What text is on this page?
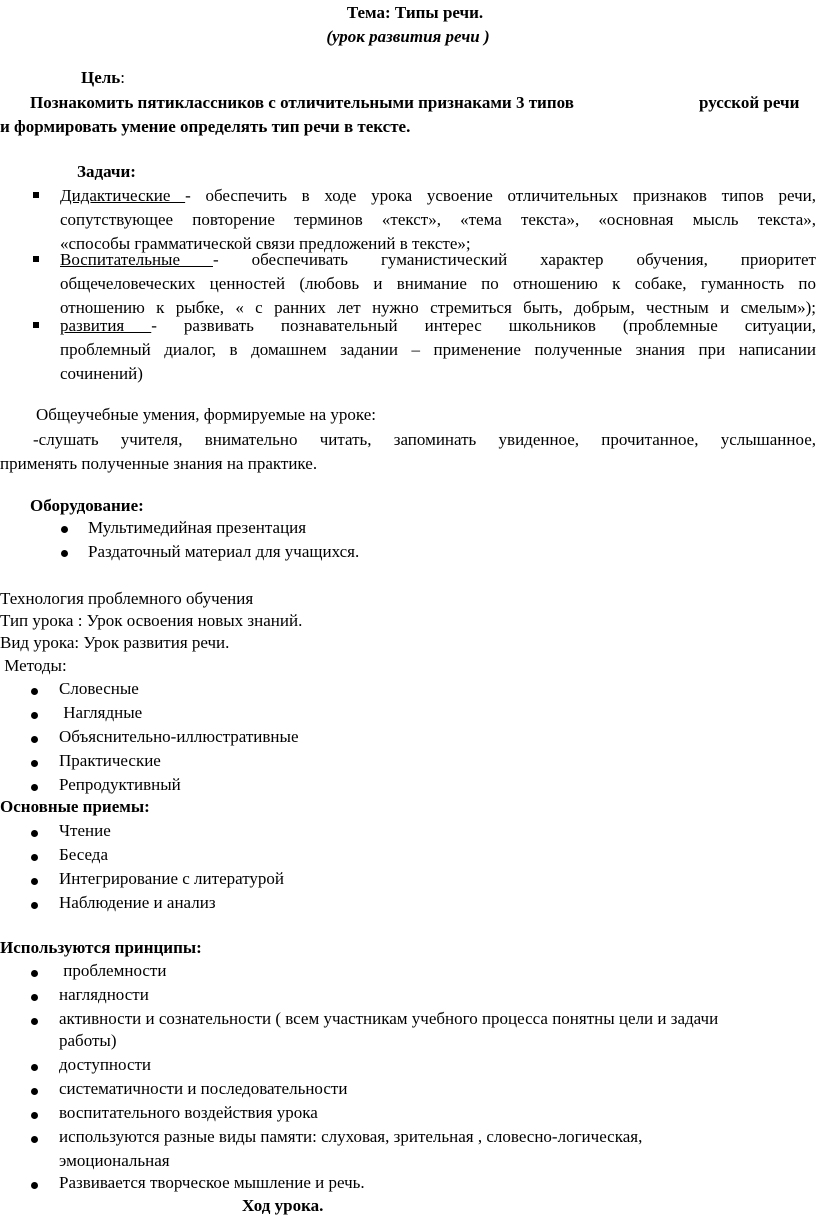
Тема: Типы речи.
(урок развития речи )
Цель:
Познакомить пятиклассников с отличительными признаками 3 типов	русской речи
и формировать умение определять тип речи в тексте.
Задачи:
Дидактические - обеспечить в ходе урока усвоение отличительных признаков типов речи,
сопутствующее повторение терминов «текст», «тема текста», «основная мысль текста»,
«способы грамматической связи предложений в тексте»;
Воспитательные - обеспечивать гуманистический характер обучения, приоритет
общечеловеческих ценностей (любовь и внимание по отношению к собаке, гуманность по
отношению к рыбке, « с ранних лет нужно стремиться быть, добрым, честным и смелым»);
развития - развивать познавательный интерес школьников (проблемные ситуации,
проблемный диалог, в домашнем задании – применение полученные знания при написании
сочинений)
Общеучебные умения, формируемые на уроке:
-слушать учителя, внимательно читать, запоминать увиденное, прочитанное, услышанное,
применять полученные знания на практике.
Оборудование:
Мультимедийная презентация
Раздаточный материал для учащихся.
Технология проблемного обучения
Тип урока : Урок освоения новых знаний.
Вид урока: Урок развития речи.
Методы:
Словесные
Наглядные
Объяснительно-иллюстративные
Практические
Репродуктивный
Основные приемы:
Чтение
Беседа
Интегрирование с литературой
Наблюдение и анализ
Используются принципы:
проблемности
наглядности
активности и сознательности ( всем участникам учебного процесса понятны цели и задачи
работы)
доступности
систематичности и последовательности
воспитательного воздействия урока
используются разные виды памяти: слуховая, зрительная , словесно-логическая,
эмоциональная
Развивается творческое мышление и речь.
Ход урока.
